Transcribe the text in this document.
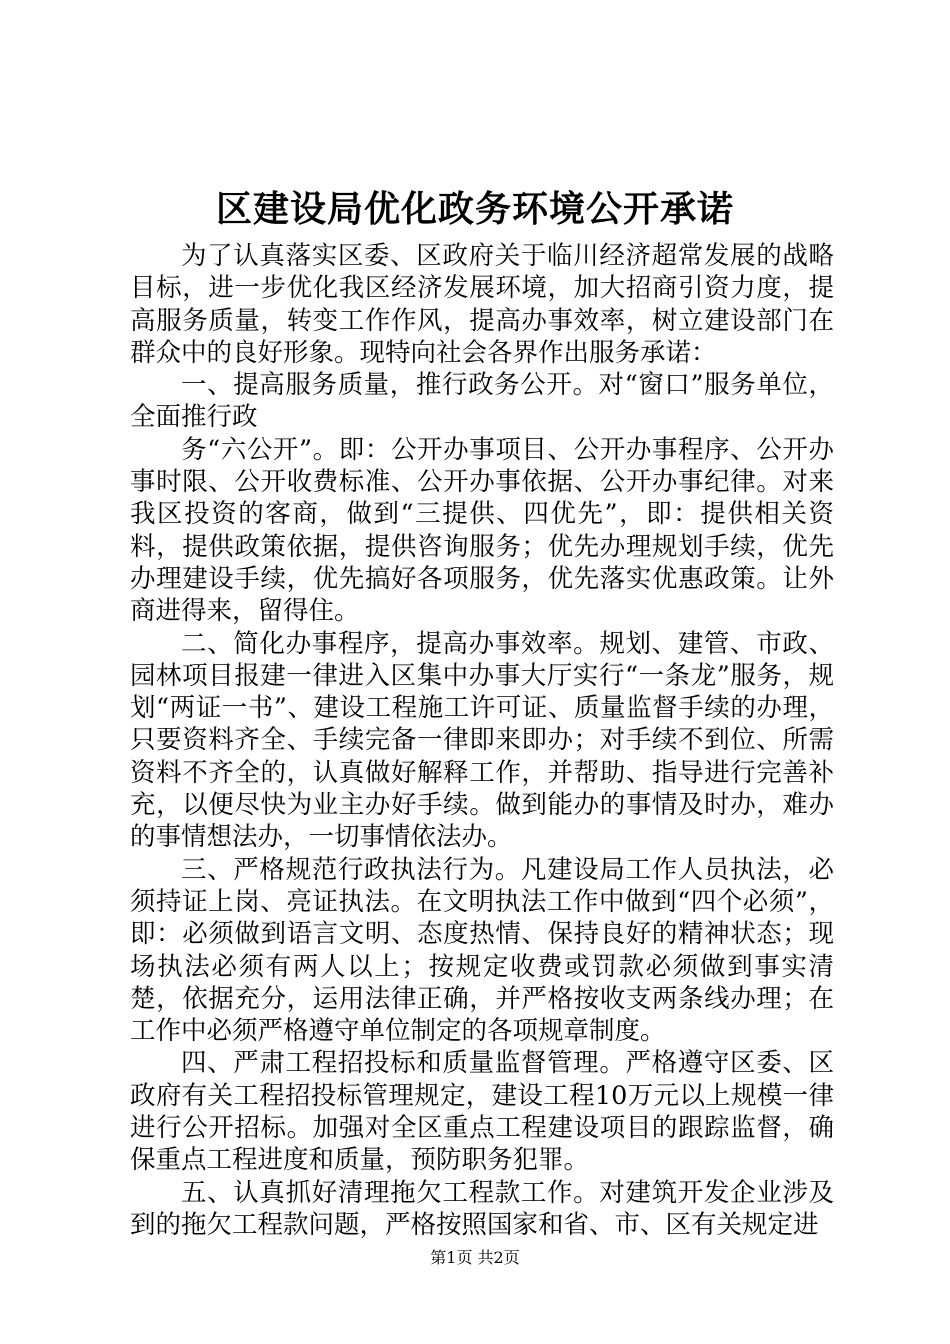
区建设局优化政务环境公开承诺

为了认真落实区委、区政府关于临川经济超常发展的战略目标，进一步优化我区经济发展环境，加大招商引资力度，提高服务质量，转变工作作风，提高办事效率，树立建设部门在群众中的良好形象。现特向社会各界作出服务承诺：

一、提高服务质量，推行政务公开。对“窗口”服务单位，全面推行政

务“六公开”。即：公开办事项目、公开办事程序、公开办事时限、公开收费标准、公开办事依据、公开办事纪律。对来我区投资的客商，做到“三提供、四优先”，即：提供相关资料，提供政策依据，提供咨询服务；优先办理规划手续，优先办理建设手续，优先搞好各项服务，优先落实优惠政策。让外商进得来，留得住。

二、简化办事程序，提高办事效率。规划、建管、市政、园林项目报建一律进入区集中办事大厅实行“一条龙”服务，规划“两证一书”、建设工程施工许可证、质量监督手续的办理，只要资料齐全、手续完备一律即来即办；对手续不到位、所需资料不齐全的，认真做好解释工作，并帮助、指导进行完善补充，以便尽快为业主办好手续。做到能办的事情及时办，难办的事情想法办，一切事情依法办。

三、严格规范行政执法行为。凡建设局工作人员执法，必须持证上岗、亮证执法。在文明执法工作中做到“四个必须”，即：必须做到语言文明、态度热情、保持良好的精神状态；现场执法必须有两人以上；按规定收费或罚款必须做到事实清楚，依据充分，运用法律正确，并严格按收支两条线办理；在工作中必须严格遵守单位制定的各项规章制度。

四、严肃工程招投标和质量监督管理。严格遵守区委、区政府有关工程招投标管理规定，建设工程10万元以上规模一律进行公开招标。加强对全区重点工程建设项目的跟踪监督，确保重点工程进度和质量，预防职务犯罪。

五、认真抓好清理拖欠工程款工作。对建筑开发企业涉及到的拖欠工程款问题，严格按照国家和省、市、区有关规定进

第1页 共2页
